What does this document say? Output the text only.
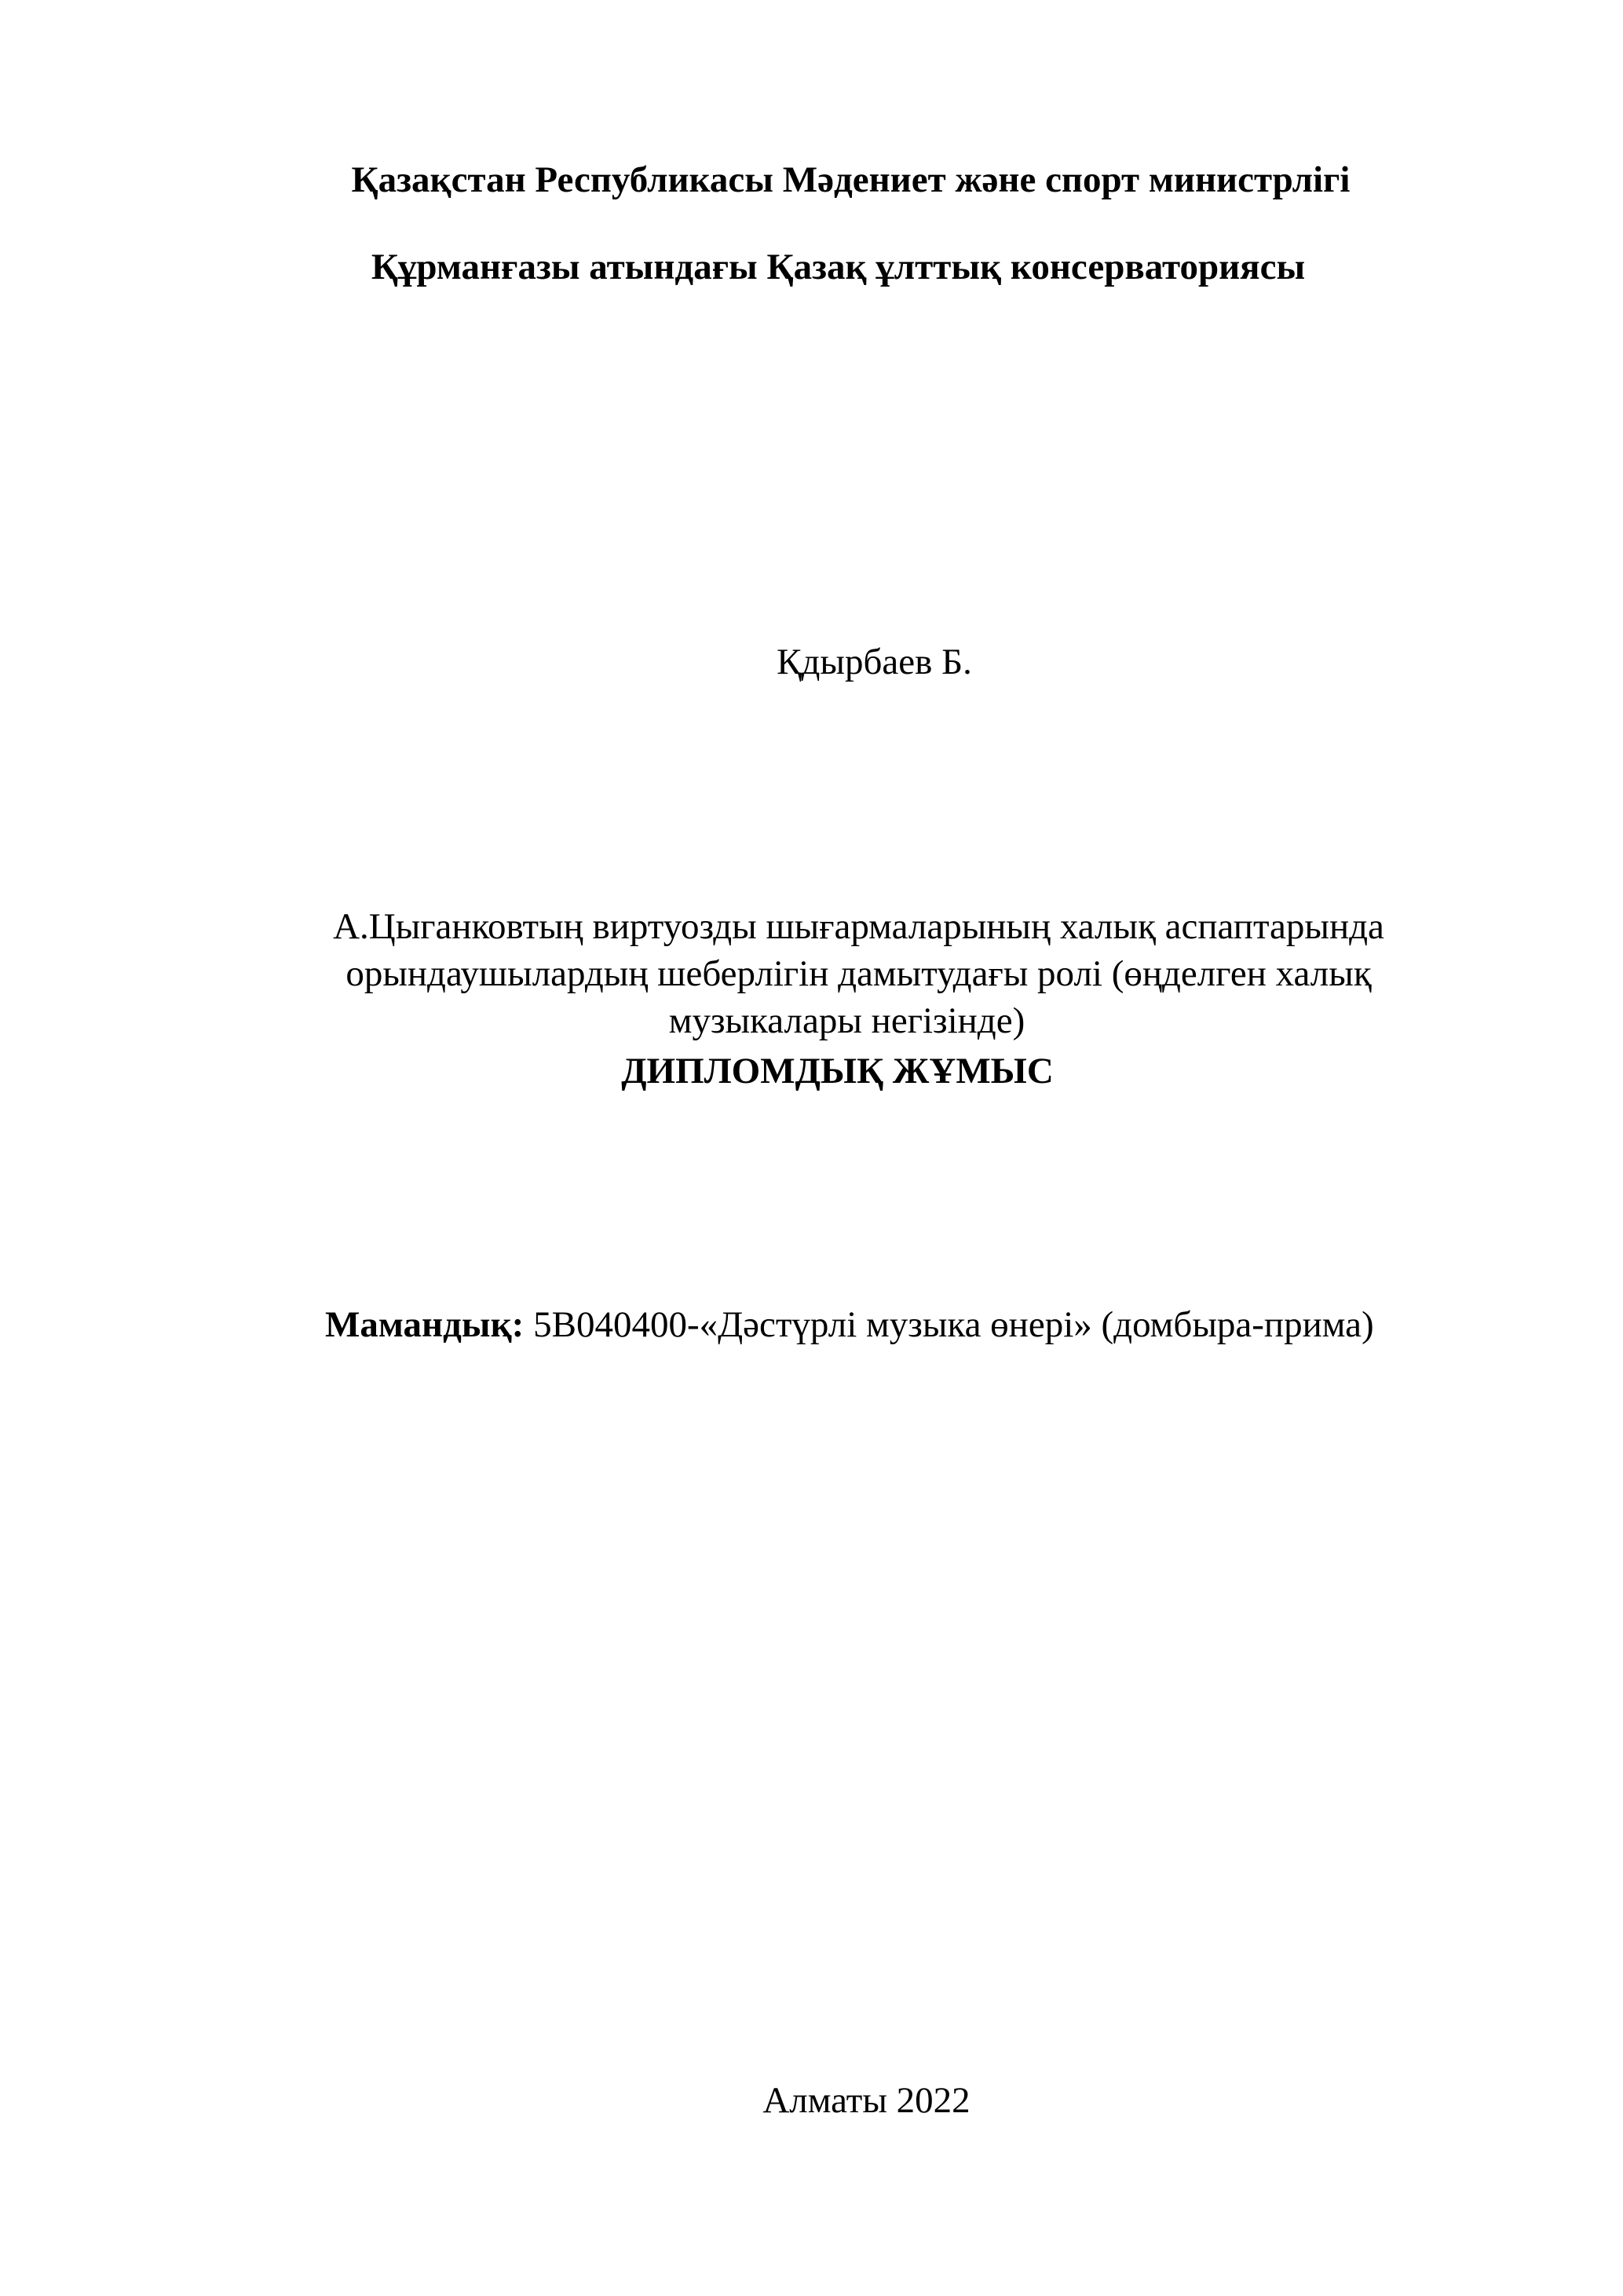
Қазақстан Республикасы Мәдениет және спорт министрлігі
Құрманғазы атындағы Қазақ ұлттық консерваториясы
Қдырбаев Б.
А.Цыганковтың виртуозды шығармаларының халық аспаптарында
орындаушылардың шеберлігін дамытудағы ролі (өңделген халық
музыкалары негізінде)
ДИПЛОМДЫҚ ЖҰМЫС
Мамандық: 5В040400-«Дәстүрлі музыка өнері» (домбыра-прима)
Алматы 2022
